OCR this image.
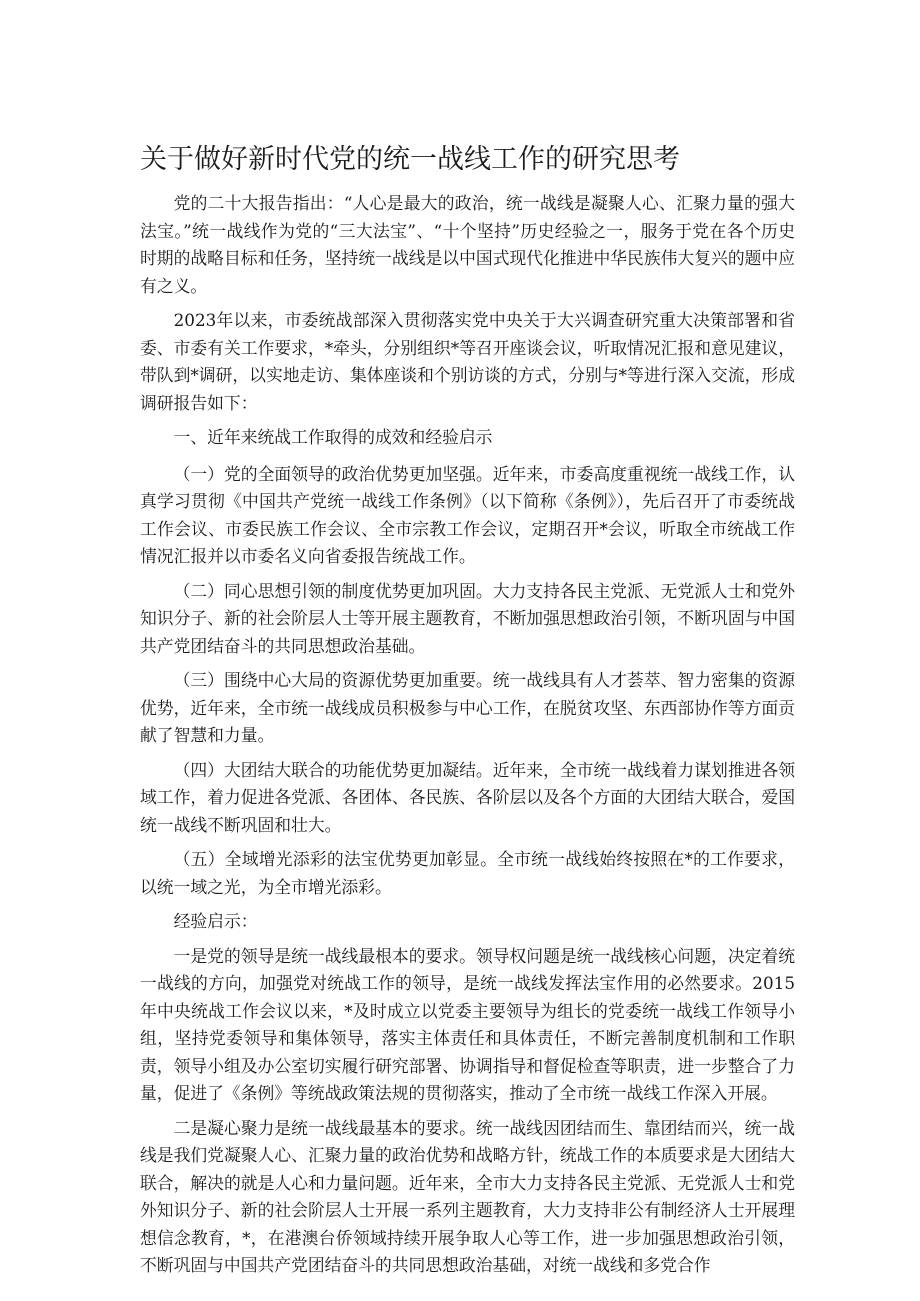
关于做好新时代党的统一战线工作的研究思考

党的二十大报告指出：“人心是最大的政治，统一战线是凝聚人心、汇聚力量的强大法宝。”统一战线作为党的“三大法宝”、“十个坚持”历史经验之一，服务于党在各个历史时期的战略目标和任务，坚持统一战线是以中国式现代化推进中华民族伟大复兴的题中应有之义。

2023年以来，市委统战部深入贯彻落实党中央关于大兴调查研究重大决策部署和省委、市委有关工作要求，*牵头，分别组织*等召开座谈会议，听取情况汇报和意见建议，带队到*调研，以实地走访、集体座谈和个别访谈的方式，分别与*等进行深入交流，形成调研报告如下：

一、近年来统战工作取得的成效和经验启示

（一）党的全面领导的政治优势更加坚强。近年来，市委高度重视统一战线工作，认真学习贯彻《中国共产党统一战线工作条例》（以下简称《条例》），先后召开了市委统战工作会议、市委民族工作会议、全市宗教工作会议，定期召开*会议，听取全市统战工作情况汇报并以市委名义向省委报告统战工作。

（二）同心思想引领的制度优势更加巩固。大力支持各民主党派、无党派人士和党外知识分子、新的社会阶层人士等开展主题教育，不断加强思想政治引领，不断巩固与中国共产党团结奋斗的共同思想政治基础。

（三）围绕中心大局的资源优势更加重要。统一战线具有人才荟萃、智力密集的资源优势，近年来，全市统一战线成员积极参与中心工作，在脱贫攻坚、东西部协作等方面贡献了智慧和力量。

（四）大团结大联合的功能优势更加凝结。近年来，全市统一战线着力谋划推进各领域工作，着力促进各党派、各团体、各民族、各阶层以及各个方面的大团结大联合，爱国统一战线不断巩固和壮大。

（五）全域增光添彩的法宝优势更加彰显。全市统一战线始终按照在*的工作要求，以统一域之光，为全市增光添彩。

经验启示：

一是党的领导是统一战线最根本的要求。领导权问题是统一战线核心问题，决定着统一战线的方向，加强党对统战工作的领导，是统一战线发挥法宝作用的必然要求。2015年中央统战工作会议以来，*及时成立以党委主要领导为组长的党委统一战线工作领导小组，坚持党委领导和集体领导，落实主体责任和具体责任，不断完善制度机制和工作职责，领导小组及办公室切实履行研究部署、协调指导和督促检查等职责，进一步整合了力量，促进了《条例》等统战政策法规的贯彻落实，推动了全市统一战线工作深入开展。

二是凝心聚力是统一战线最基本的要求。统一战线因团结而生、靠团结而兴，统一战线是我们党凝聚人心、汇聚力量的政治优势和战略方针，统战工作的本质要求是大团结大联合，解决的就是人心和力量问题。近年来，全市大力支持各民主党派、无党派人士和党外知识分子、新的社会阶层人士开展一系列主题教育，大力支持非公有制经济人士开展理想信念教育，*，在港澳台侨领域持续开展争取人心等工作，进一步加强思想政治引领，不断巩固与中国共产党团结奋斗的共同思想政治基础，对统一战线和多党合作
